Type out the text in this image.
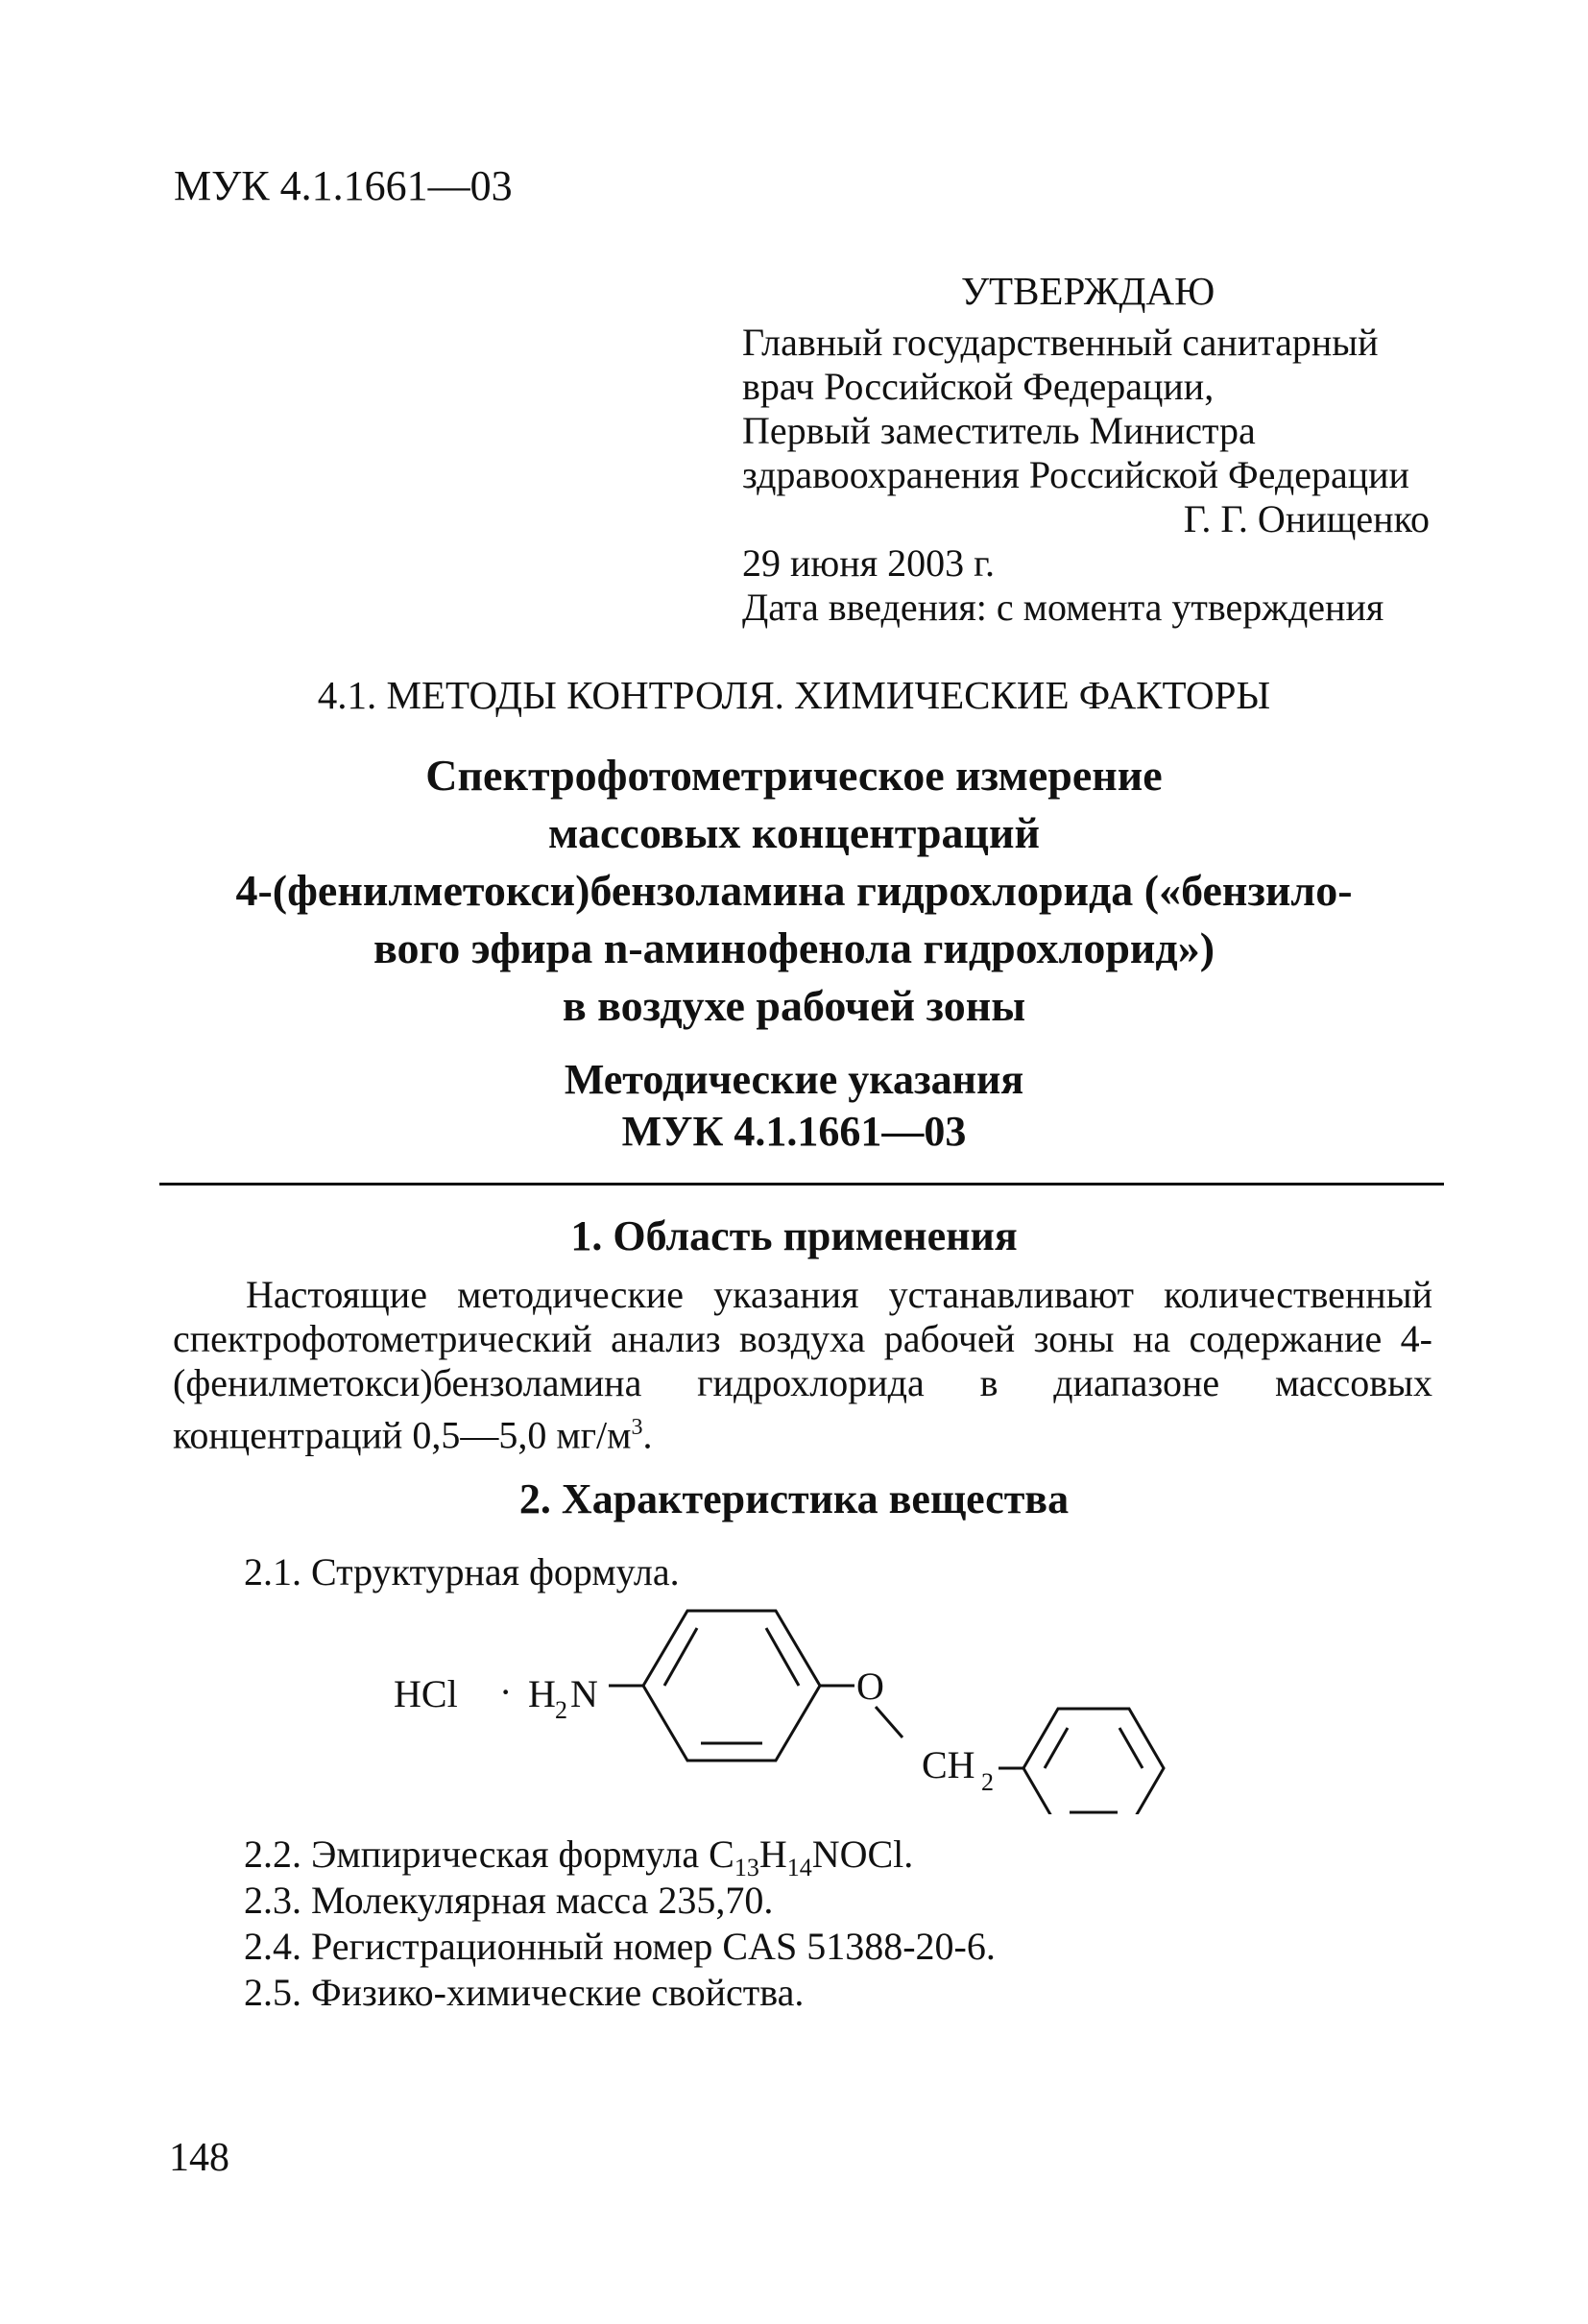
МУК 4.1.1661—03
УТВЕРЖДАЮ
Главный государственный санитарный
врач Российской Федерации,
Первый заместитель Министра
здравоохранения Российской Федерации
Г. Г. Онищенко
29 июня 2003 г.
Дата введения: с момента утверждения
4.1. МЕТОДЫ КОНТРОЛЯ. ХИМИЧЕСКИЕ ФАКТОРЫ
Спектрофотометрическое измерение
массовых концентраций
4-(фенилметокси)бензоламина гидрохлорида («бензило-
вого эфира n-аминофенола гидрохлорид»)
в воздухе рабочей зоны
Методические указания
МУК 4.1.1661—03
1. Область применения
Настоящие методические указания устанавливают количественный спектрофотометрический анализ воздуха рабочей зоны на содержание 4-(фенилметокси)бензоламина гидрохлорида в диапазоне массовых концентраций 0,5—5,0 $мг/м^3$.
2. Характеристика вещества
2.1. Структурная формула.
HCl · H 2 N	O
CH 2
2.2. Эмпирическая формула $C_{13}H_{14}NOCl$.
2.3. Молекулярная масса 235,70.
2.4. Регистрационный номер CAS 51388-20-6.
2.5. Физико-химические свойства.
148
